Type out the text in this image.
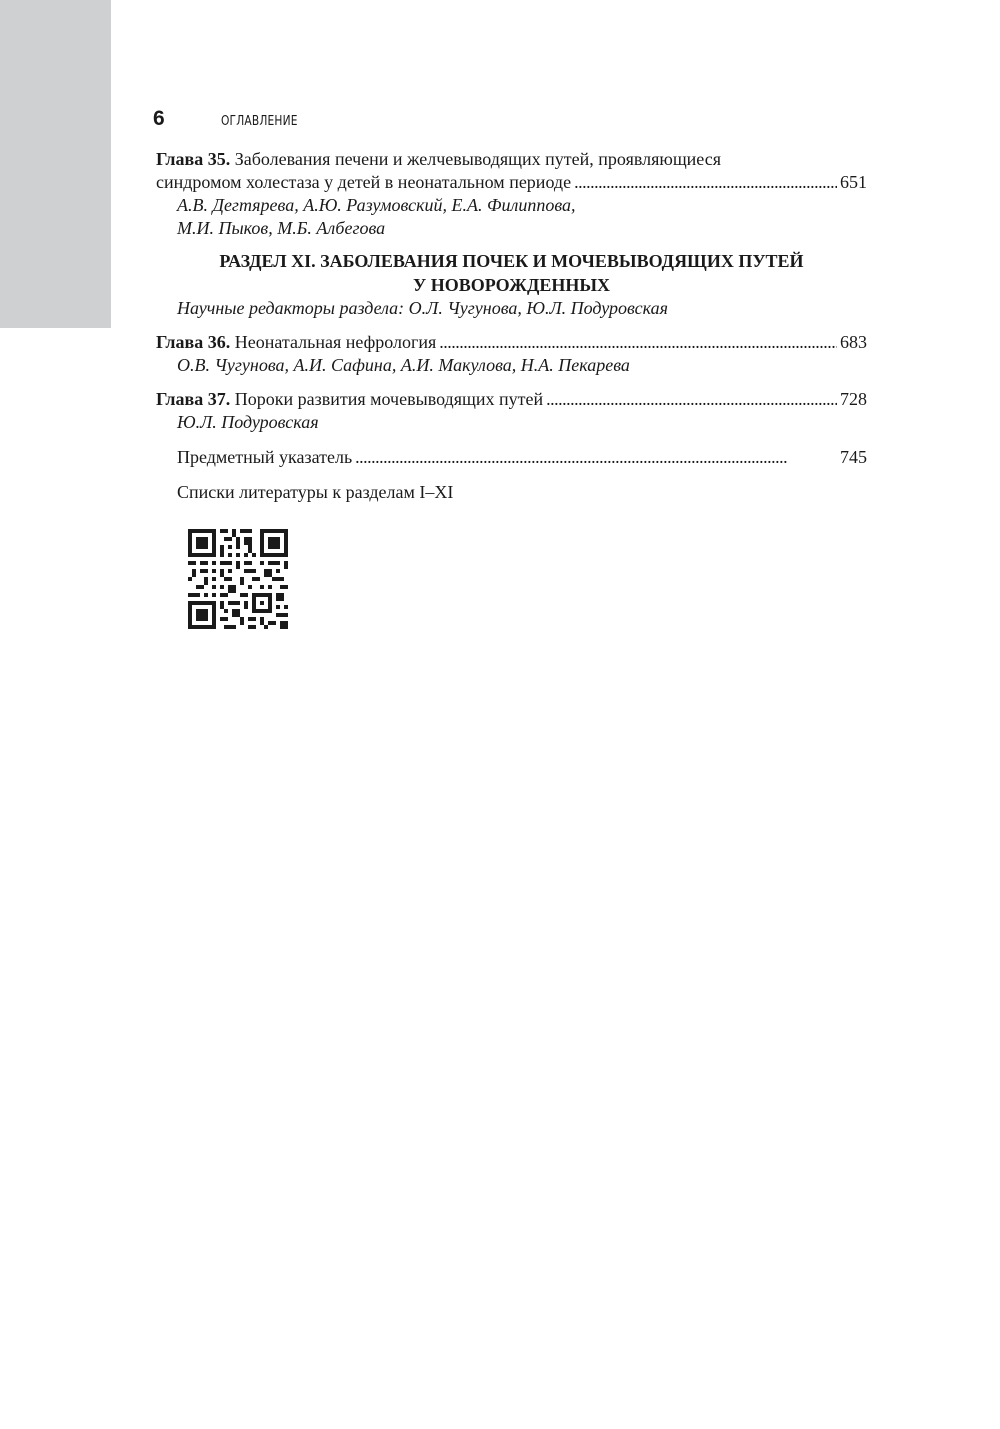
6	ОГЛАВЛЕНИЕ
Глава 35.
Заболевания печени и желчевыводящих путей, проявляющиеся
синдромом холестаза у детей в неонатальном периоде . . .	651
А.В. Дегтярева, А.Ю. Разумовский, Е.А. Филиппова,
М.И. Пыков, М.Б. Албегова
РАЗДЕЛ XI. ЗАБОЛЕВАНИЯ ПОЧЕК И МОЧЕВЫВОДЯЩИХ ПУТЕЙ
У НОВОРОЖДЕННЫХ
Научные редакторы раздела: О.Л. Чугунова, Ю.Л. Подуровская
Глава 36.
Неонатальная нефрология . . .	683
О.В. Чугунова, А.И. Сафина, А.И. Макулова, Н.А. Пекарева
Глава 37.
Пороки развития мочевыводящих путей . . .	728
Ю.Л. Подуровская
Предметный указатель . . .	745
Списки литературы к разделам I–XI
